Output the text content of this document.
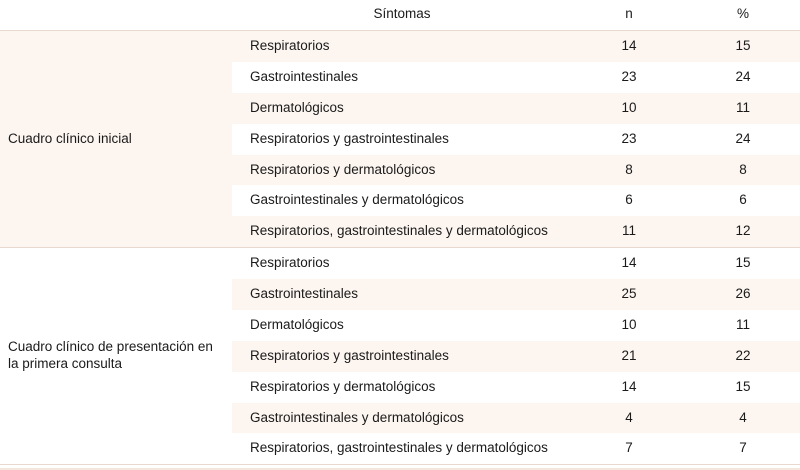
	Síntomas	n	%
Cuadro clínico inicial	Respiratorios	14	15
	Gastrointestinales	23	24
	Dermatológicos	10	11
	Respiratorios y gastrointestinales	23	24
	Respiratorios y dermatológicos	8	8
	Gastrointestinales y dermatológicos	6	6
	Respiratorios, gastrointestinales y dermatológicos	11	12
Cuadro clínico de presentación en la primera consulta	Respiratorios	14	15
	Gastrointestinales	25	26
	Dermatológicos	10	11
	Respiratorios y gastrointestinales	21	22
	Respiratorios y dermatológicos	14	15
	Gastrointestinales y dermatológicos	4	4
	Respiratorios, gastrointestinales y dermatológicos	7	7
